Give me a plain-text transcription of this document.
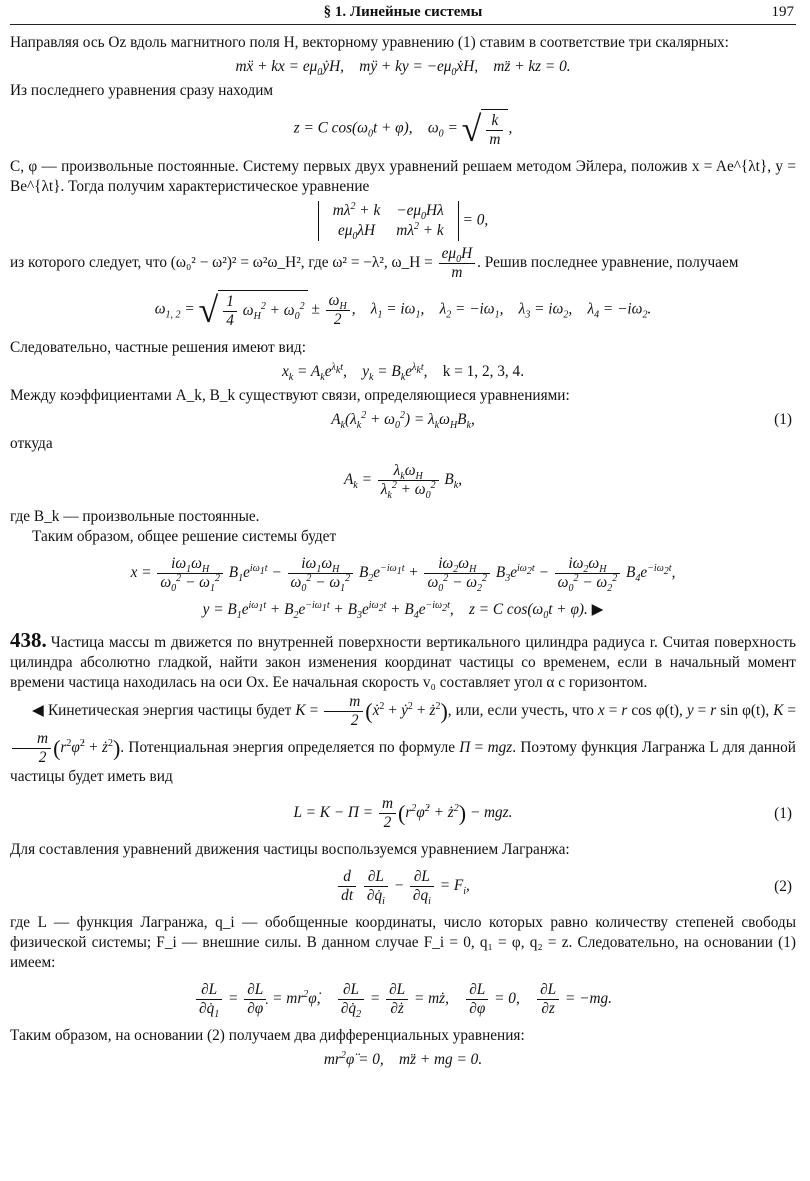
§ 1. Линейные системы	197

Направляя ось Oz вдоль магнитного поля H, векторному уравнению (1) ставим в соответствие три скалярных:

mẍ + kx = $e\mu_0ẏH$,    mÿ + ky = $-e\mu_0ẋH$,    mz̈ + kz = 0.

Из последнего уравнения сразу находим

z = C $\cos(\omega_0t + \varphi)$,    $\omega_0$ = √ $\frac{k}{m}$ ,

C, φ — произвольные постоянные. Систему первых двух уравнений решаем методом Эйлера, положив x = Ae^{λt}, y = Be^{λt}. Тогда получим характеристическое уравнение

$m\lambda^2 + k$	$-e\mu_0H\lambda$
$e\mu_0\lambda H$	$m\lambda^2 + k$
= 0,

из которого следует, что (ω₀² − ω²)² = ω²ω_H², где ω² = −λ², ω_H = $\frac{e\mu_0H}{m}$ . Решив последнее уравнение, получаем

$\omega_{1, 2}$ = √ $\frac{1}{4} \omega_H^2 + \omega_0^2 \pm \frac{\omega_H}{2}$ ,    $\lambda_1 = i\omega_1$,    $\lambda_2 = -i\omega_1$,    $\lambda_3 = i\omega_2$,    $\lambda_4 = -i\omega_2$.

Следовательно, частные решения имеют вид:

$x_k = A_ke^{\lambda_kt}$,    $y_k = B_ke^{\lambda_kt}$,    k = 1, 2, 3, 4.

Между коэффициентами A_k, B_k существуют связи, определяющиеся уравнениями:

$A_k(\lambda_k^2 + \omega_0^2) = \lambda_k\omega_HB_k$,	(1)

откуда

$A_k = \frac{\lambda_k\omega_H}{\lambda_k^2 + \omega_0^2} B_k$,

где B_k — произвольные постоянные.

Таким образом, общее решение системы будет

$x = \frac{i\omega_1\omega_H}{\omega_0^2 - \omega_1^2} B_1e^{i\omega_1t} - \frac{i\omega_1\omega_H}{\omega_0^2 - \omega_1^2} B_2e^{-i\omega_1t} + \frac{i\omega_2\omega_H}{\omega_0^2 - \omega_2^2} B_3e^{i\omega_2t} - \frac{i\omega_2\omega_H}{\omega_0^2 - \omega_2^2} B_4e^{-i\omega_2t}$,
$y = B_1e^{i\omega_1t} + B_2e^{-i\omega_1t} + B_3e^{i\omega_2t} + B_4e^{-i\omega_2t}$,    z = C $\cos(\omega_0t + \varphi)$. ▶

438. Частица массы m движется по внутренней поверхности вертикального цилиндра радиуса r. Считая поверхность цилиндра абсолютно гладкой, найти закон изменения координат частицы со временем, если в начальный момент времени частица находилась на оси Ox. Ее начальная скорость v₀ составляет угол α с горизонтом.

◀ Кинетическая энергия частицы будет $K = \frac{m}{2}$ (ẋ$^2$ + ẏ$^2$ + $ż^2$), или, если учесть, что x = r cos φ(t), y = r sin φ(t), K =
$\frac{m}{2}$ ($r^2\varphi̇^2$ + $ż^2$). Потенциальная энергия определяется по формуле Π = mgz. Поэтому функция Лагранжа L для данной частицы будет иметь вид

$L = K - \Pi = \frac{m}{2}$ ($r^2\varphi̇^2$ + $ż^2$) − mgz.	(1)

Для составления уравнений движения частицы воспользуемся уравнением Лагранжа:

$\frac{d}{dt}$
$\frac{\partial L}{\partial q̇_i} - \frac{\partial L}{\partial q_i} = F_i$,	(2)

где L — функция Лагранжа, q_i — обобщенные координаты, число которых равно количеству степеней свободы физической системы; F_i — внешние силы. В данном случае F_i = 0, q₁ = φ, q₂ = z. Следовательно, на основании (1) имеем:

$\frac{\partial L}{\partial q̇_1} = \frac{\partial L}{\partial\varphi̇}$ = $mr^2\varphi̇$, $\frac{\partial L}{\partial q̇_2} = \frac{\partial L}{\partial ż}$ = mż, $\frac{\partial L}{\partial\varphi} = 0$, $\frac{\partial L}{\partial z} = -mg$.

Таким образом, на основании (2) получаем два дифференциальных уравнения:

$mr^2\varphï = 0$,    mz̈ + mg = 0.
